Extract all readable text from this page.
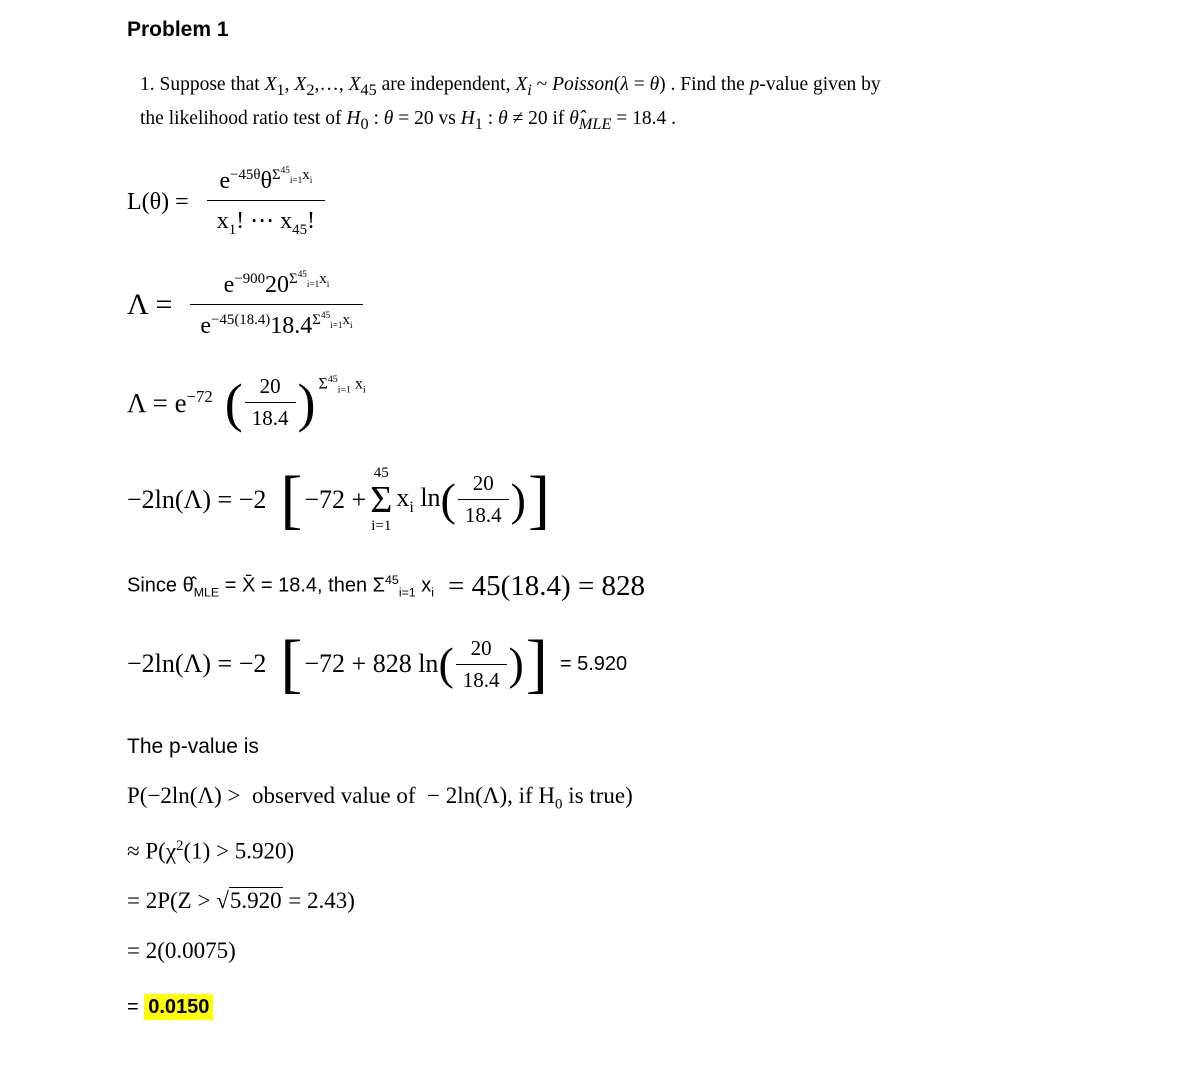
Problem 1
1. Suppose that $X_1$, $X_2,\dots$, $X_{45}$ are independent, $X_i$ ~ Poisson(λ = θ) . Find the p-value given by
the likelihood ratio test of $H_0$ : θ = 20 vs $H_1$ : θ ≠ 20 if $\thetâ_{MLE} = 18.4$ .
$L(\theta) = \frac{e^{-45\theta}\theta^{\Sigma^{45}_{i=1}x_i}}{x_1! \cdots x_{45}!}$
$\Lambda = \frac{e^{-900}20^{\Sigma^{45}_{i=1}x_i}}{e^{-45(18.4)}18.4^{\Sigma^{45}_{i=1}x_i}}$
$\Lambda = e^{-72}$ ( $\frac{20}{18.4}$ ) $\Sigma^{45}_{i=1}$ $x_i$
−2ln(Λ) = −2 [ −72 +
45
Σ
i=1
$x_i$ ln ( $\frac{20}{18.4}$ ) ]
Since $\thetâ_{MLE}$ = X̄ = 18.4, then $\Sigma^{45}_{i=1}$ $x_i = 45(18.4) = 828$
−2ln(Λ) = −2 [ −72 + 828 ln ( $\frac{20}{18.4}$ ) ] = 5.920
The p-value is
P(−2ln(Λ) >  observed value of  − 2ln(Λ), if $H_0$ is true)
≈ $P(\chi^2(1) > 5.920)$
= 2P(Z > √5.920 = 2.43)
= 2(0.0075)
= 0.0150
